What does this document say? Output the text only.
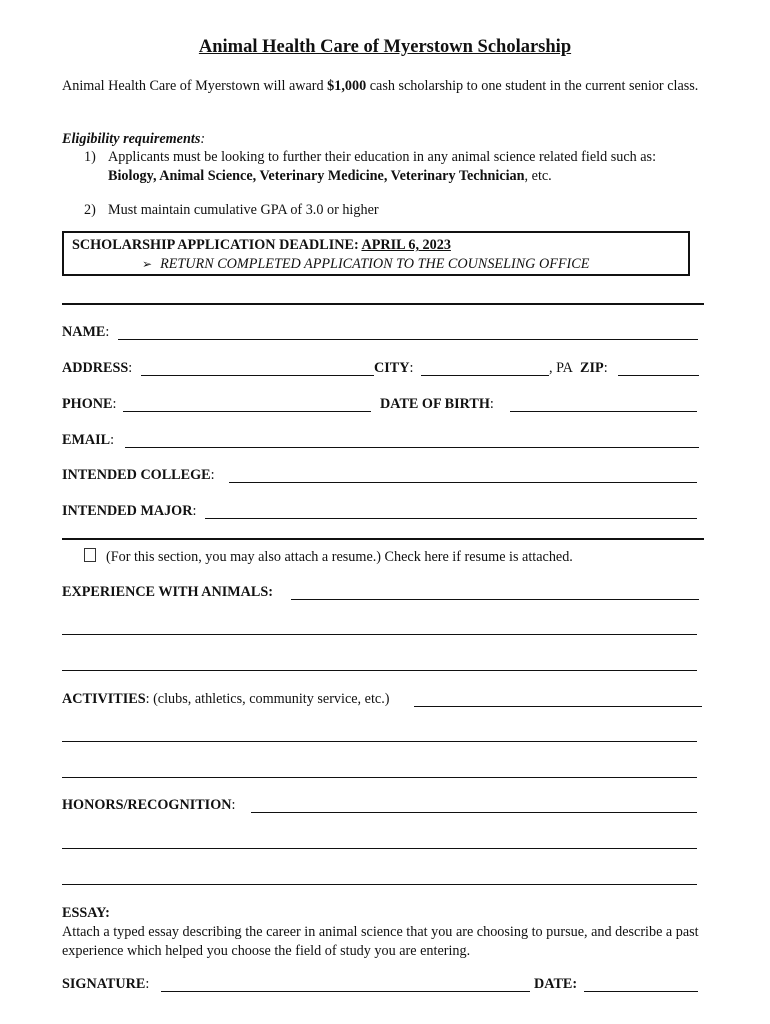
Animal Health Care of Myerstown Scholarship
Animal Health Care of Myerstown will award $1,000 cash scholarship to one student in the current senior class.
Eligibility requirements:
1) Applicants must be looking to further their education in any animal science related field such as:
Biology, Animal Science, Veterinary Medicine, Veterinary Technician, etc.
2) Must maintain cumulative GPA of 3.0 or higher
SCHOLARSHIP APPLICATION DEADLINE: APRIL 6, 2023
➢ RETURN COMPLETED APPLICATION TO THE COUNSELING OFFICE
NAME:
ADDRESS:	CITY:	, PA ZIP:
PHONE:	DATE OF BIRTH:
EMAIL:
INTENDED COLLEGE:
INTENDED MAJOR:
(For this section, you may also attach a resume.) Check here if resume is attached.
EXPERIENCE WITH ANIMALS:
ACTIVITIES: (clubs, athletics, community service, etc.)
HONORS/RECOGNITION:
ESSAY:
Attach a typed essay describing the career in animal science that you are choosing to pursue, and describe a past experience which helped you choose the field of study you are entering.
SIGNATURE:	DATE:
